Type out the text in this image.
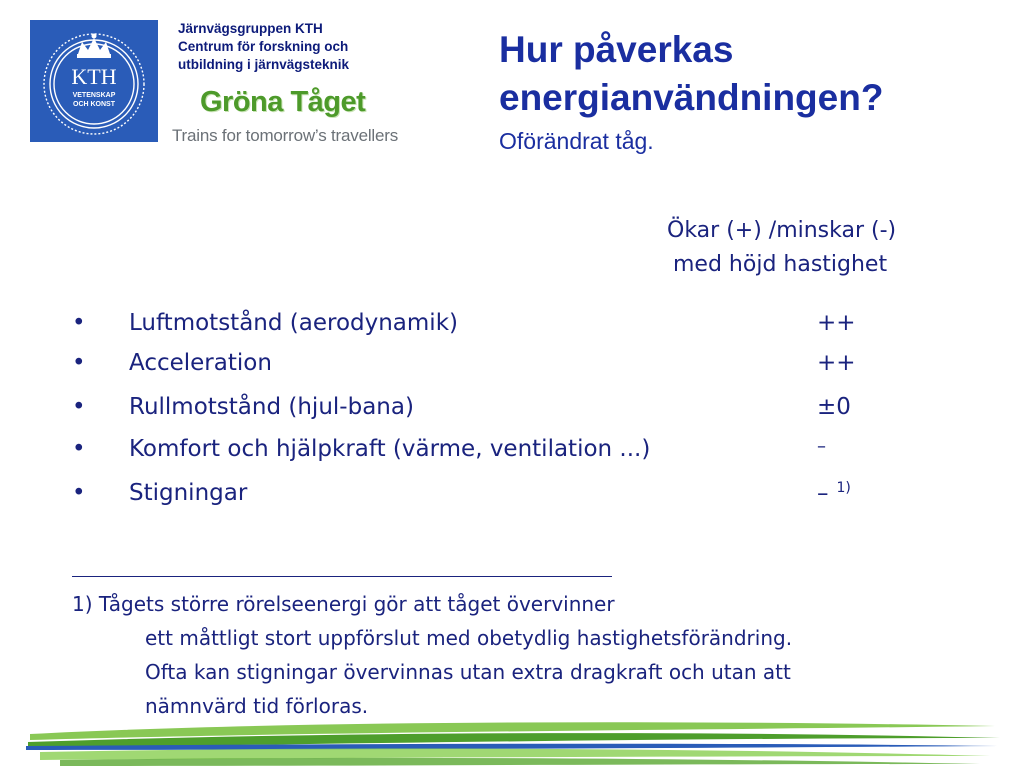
KTH
VETENSKAP
OCH KONST
Järnvägsgruppen KTH
Centrum för forskning och
utbildning i järnvägsteknik
Gröna Tåget
Trains for tomorrow’s travellers
Hur påverkas
energianvändningen?
Oförändrat tåg.
Ökar (+) /minskar (-)
med höjd hastighet
• Luftmotstånd (aerodynamik)	++
• Acceleration	++
• Rullmotstånd (hjul-bana)	±0
• Komfort och hjälpkraft (värme, ventilation ...)	–
• Stigningar	– $^{1)}$
1) Tågets större rörelseenergi gör att tåget övervinner
ett måttligt stort uppförslut med obetydlig hastighetsförändring.
Ofta kan stigningar övervinnas utan extra dragkraft och utan att
nämnvärd tid förloras.
